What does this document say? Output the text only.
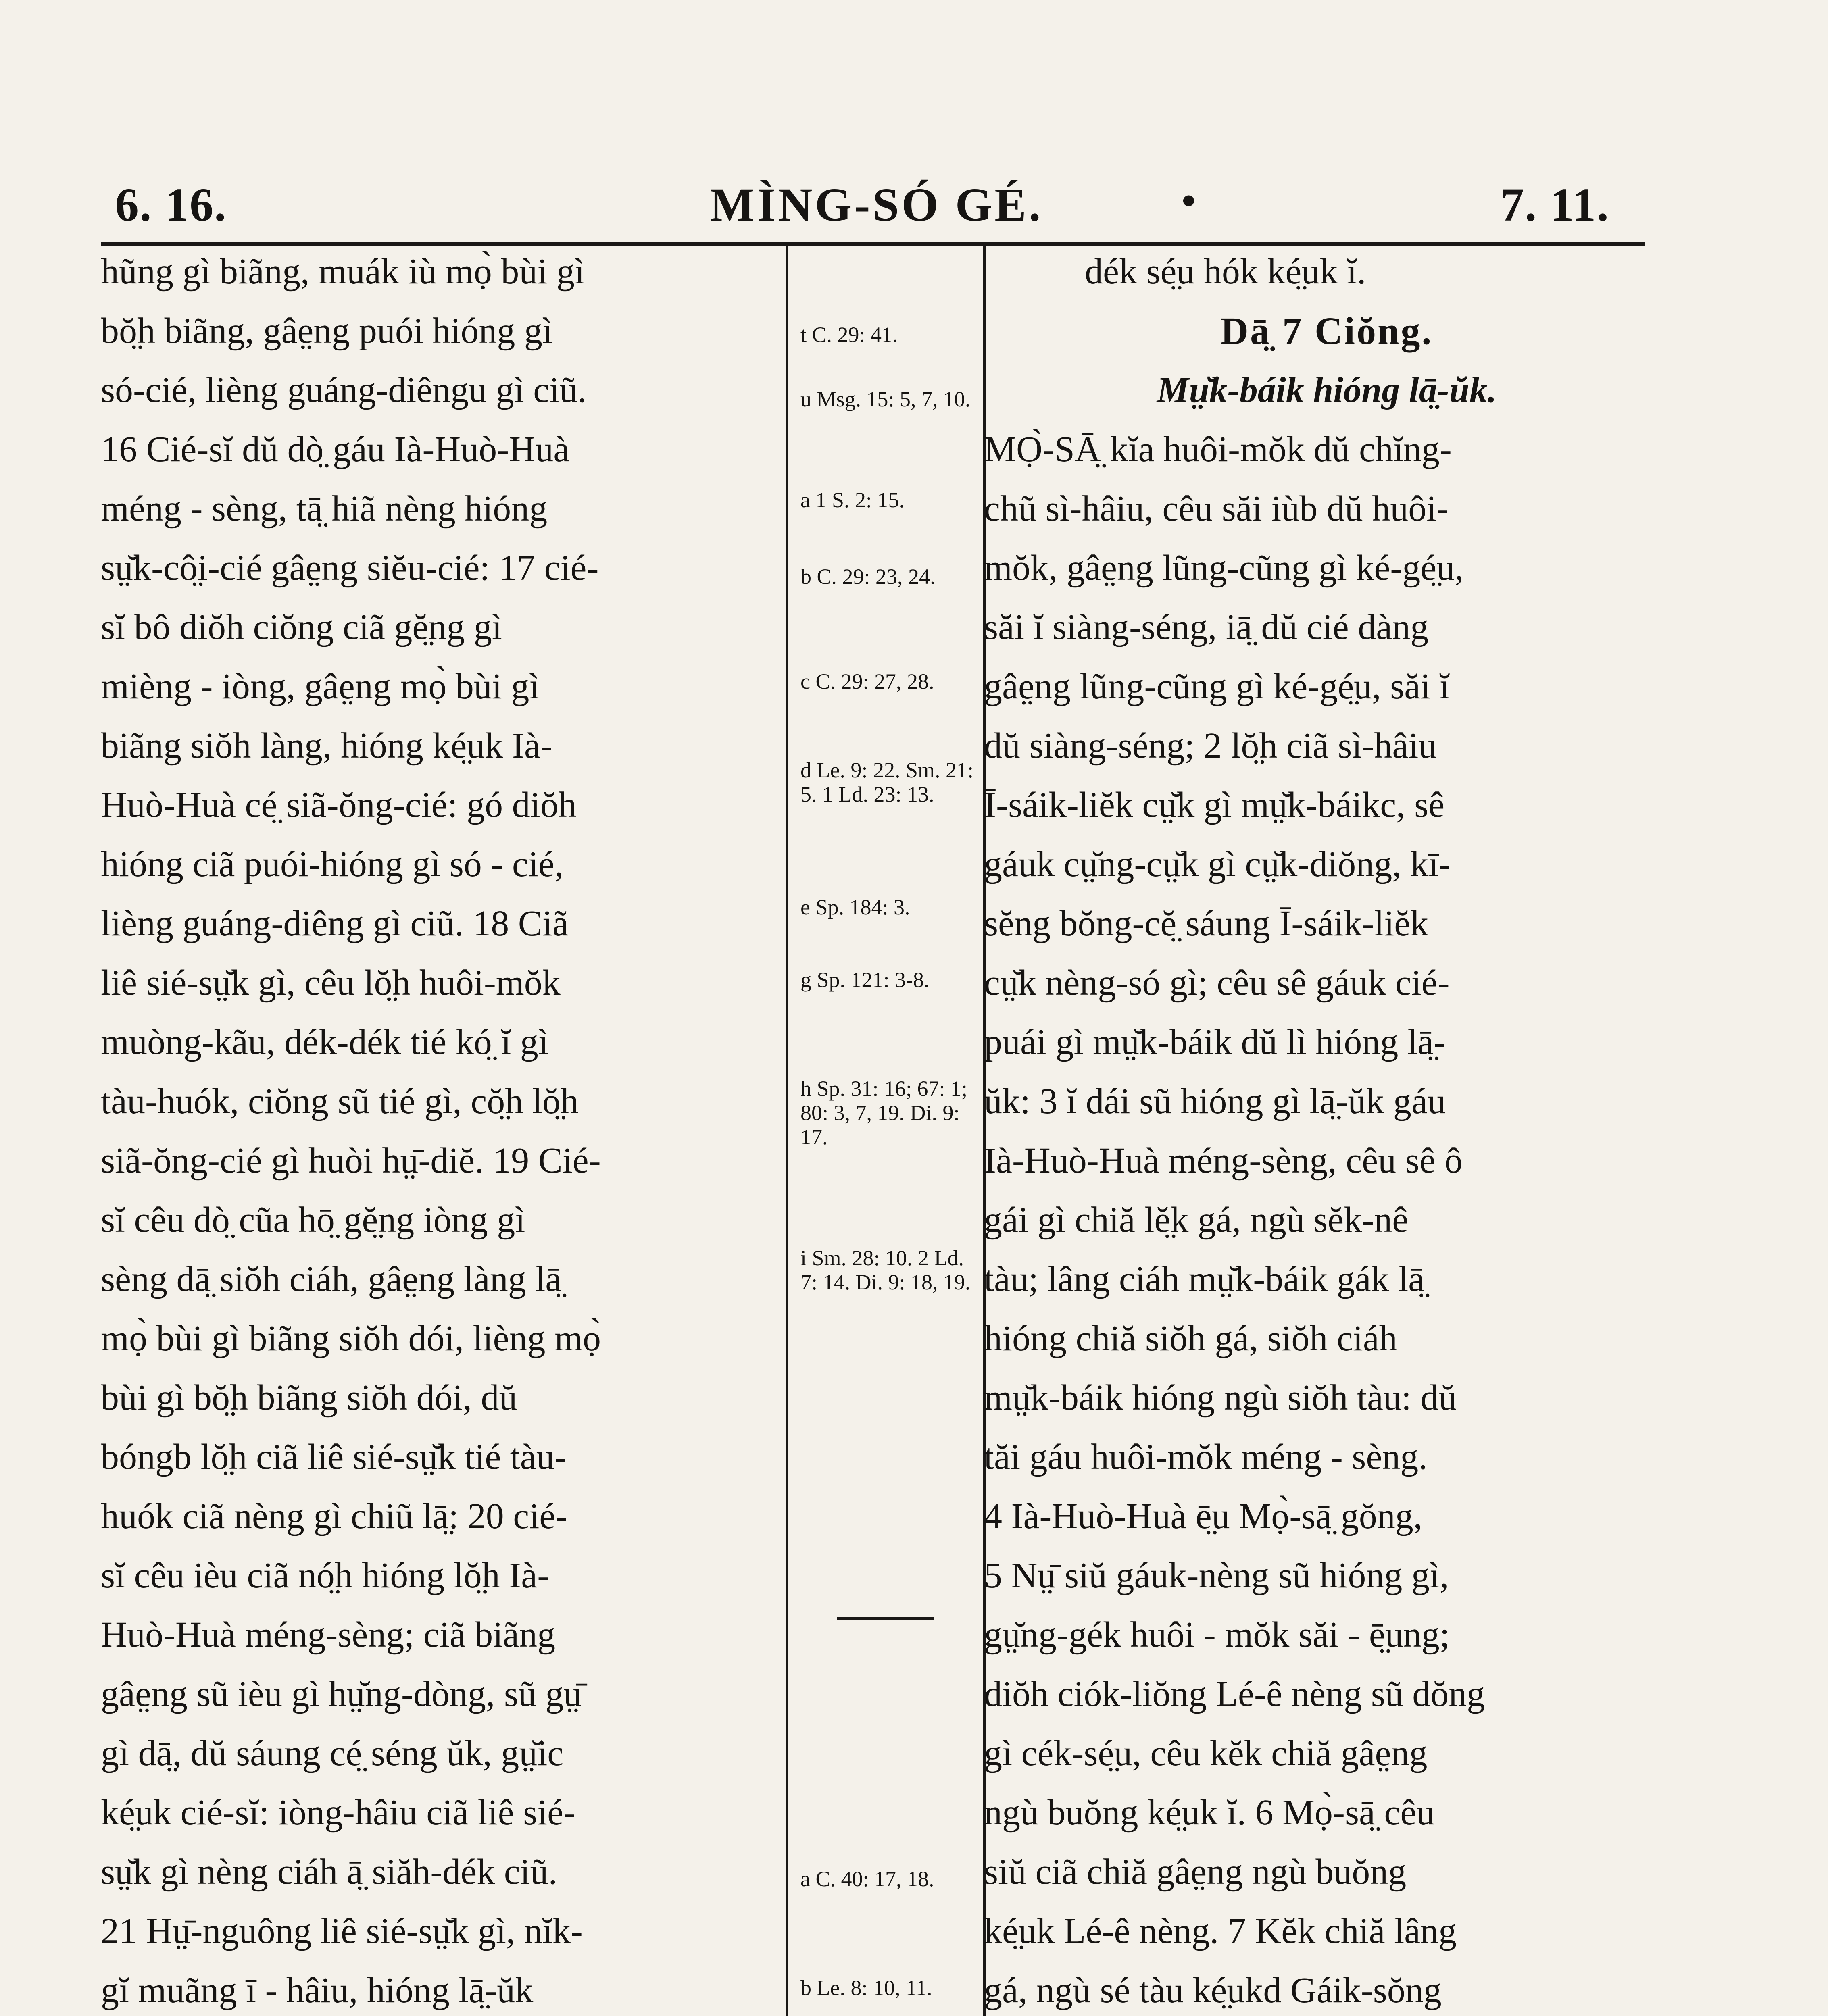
6. 16.	MÌNG-SÓ GÉ.	•	7. 11.
hũng gì biãng, muák iù mọ̀ bùi gì
bŏ̤̤h biãng, gâe̤ng puói hióng gì
só-cié, lièng guáng-diêngu gì ciũ.
16 Cié-sĭ dŭ dò̤ gáu Ià-Huò-Huà
méng - sèng, tā̤ hiã nèng hióng
sṳ̆k-cô̤i-cié gâe̤ng siĕu-cié: 17 cié-
sĭ bô diŏh ciŏng ciã gĕ̤ng gì
mièng - iòng, gâe̤ng mọ̀ bùi gì
biãng siŏh làng, hióng ké̤uk Ià-
Huò-Huà cé̤ siã-ŏng-cié: gó diŏh
hióng ciã puói-hióng gì só - cié,
lièng guáng-diêng gì ciũ. 18 Ciã
liê sié-sṳ̆k gì, cêu lŏ̤̤h huôi-mŏk
muòng-kãu, dék-dék tié kó̤ ĭ gì
tàu-huók, ciŏng sũ tié gì, cŏ̤̤h lŏ̤̤h
siã-ŏng-cié gì huòi hṳ̄-diĕ. 19 Cié-
sĭ cêu dò̤ cũa hō̤ gĕ̤ng iòng gì
sèng dā̤ siŏh ciáh, gâe̤ng làng lā̤
mọ̀ bùi gì biãng siŏh dói, lièng mọ̀
bùi gì bŏ̤̤h biãng siŏh dói, dŭ
bóngb lŏ̤̤h ciã liê sié-sṳ̆k tié tàu-
huók ciã nèng gì chiũ lā̤: 20 cié-
sĭ cêu ièu ciã nó̤h hióng lŏ̤̤h Ià-
Huò-Huà méng-sèng; ciã biãng
gâe̤ng sũ ièu gì hṳ̆ng-dòng, sũ gṳ̄
gì dā̤, dŭ sáung cé̤ séng ŭk, gṳ̆ic
ké̤uk cié-sĭ: iòng-hâiu ciã liê sié-
sṳ̆k gì nèng ciáh ā̤ siăh-dék ciũ.
21 Hṳ̄-nguông liê sié-sṳ̆k gì, nĭk-
gĭ muãng ī - hâiu, hióng lā̤-ŭk
t C. 29: 41.
u Msg. 15: 5, 7, 10.
a 1 S. 2: 15.
b C. 29: 23, 24.
c C. 29: 27, 28.
d Le. 9: 22. Sm. 21: 5. 1 Ld. 23: 13.
e Sp. 184: 3.
g Sp. 121: 3-8.
h Sp. 31: 16; 67: 1; 80: 3, 7, 19. Di. 9: 17.
i Sm. 28: 10. 2 Ld. 7: 14. Di. 9: 18, 19.
a C. 40: 17, 18.
b Le. 8: 10, 11.
dék sé̤u hók ké̤uk ĭ.
Dā̤ 7 Ciŏng.
Mṳ̆k-báik hióng lā̤-ŭk.
MỌ̀-SĀ̤ kĭa huôi-mŏk dŭ chĭng-
chũ sì-hâiu, cêu săi iùb dŭ huôi-
mŏk, gâe̤ng lũng-cũng gì ké-gé̤u,
săi ĭ siàng-séng, iā̤ dŭ cié dàng
gâe̤ng lũng-cũng gì ké-gé̤u, săi ĭ
dŭ siàng-séng; 2 lŏ̤̤h ciã sì-hâiu
Ī-sáik-liĕk cṳ̆k gì mṳ̆k-báikc, sê
gáuk cṳ̆ng-cṳ̆k gì cṳ̆k-diŏng, kī-
sĕng bŏng-cĕ̤̤ sáung Ī-sáik-liĕk
cṳ̆k nèng-só gì; cêu sê gáuk cié-
puái gì mṳ̆k-báik dŭ lì hióng lā̤-
ŭk: 3 ĭ dái sũ hióng gì lā̤-ŭk gáu
Ià-Huò-Huà méng-sèng, cêu sê ô
gái gì chiă lĕ̤k gá, ngù sĕk-nê
tàu; lâng ciáh mṳ̆k-báik gák lā̤
hióng chiă siŏh gá, siŏh ciáh
mṳ̆k-báik hióng ngù siŏh tàu: dŭ
tăi gáu huôi-mŏk méng - sèng.
4 Ià-Huò-Huà ē̤u Mọ̀-sā̤ gŏng,
5 Nṳ̄ siŭ gáuk-nèng sũ hióng gì,
gṳ̆ng-gék huôi - mŏk săi - ē̤ung;
diŏh ciók-liŏng Lé-ê nèng sũ dŏng
gì cék-sé̤u, cêu kĕk chiă gâe̤ng
ngù buŏng ké̤uk ĭ. 6 Mọ̀-sā̤ cêu
siŭ ciã chiă gâe̤ng ngù buŏng
ké̤uk Lé-ê nèng. 7 Kĕk chiă lâng
gá, ngù sé tàu ké̤ukd Gáik-sŏng
